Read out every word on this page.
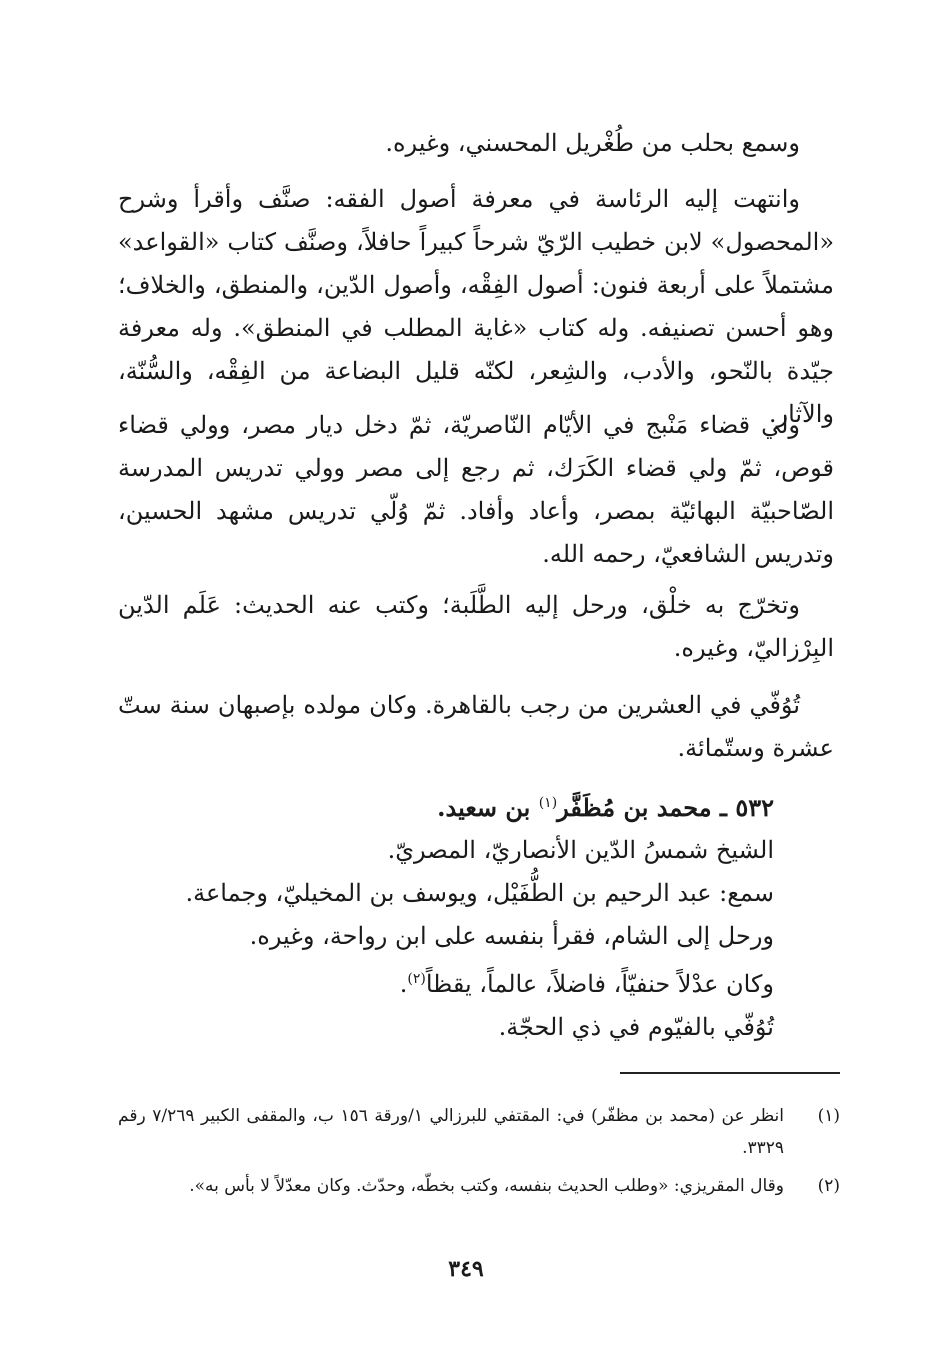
وسمع بحلب من طُغْريل المحسني، وغيره.

وانتهت إليه الرئاسة في معرفة أصول الفقه: صنَّف وأقرأ وشرح «المحصول» لابن خطيب الرّيّ شرحاً كبيراً حافلاً، وصنَّف كتاب «القواعد» مشتملاً على أربعة فنون: أصول الفِقْه، وأصول الدّين، والمنطق، والخلاف؛ وهو أحسن تصنيفه. وله كتاب «غاية المطلب في المنطق». وله معرفة جيّدة بالنّحو، والأدب، والشِعر، لكنّه قليل البضاعة من الفِقْه، والسُّنّة، والآثار.

ولي قضاء مَنْبج في الأيّام النّاصريّة، ثمّ دخل ديار مصر، وولي قضاء قوص، ثمّ ولي قضاء الكَرَك، ثم رجع إلى مصر وولي تدريس المدرسة الصّاحبيّة البهائيّة بمصر، وأعاد وأفاد. ثمّ وُلّي تدريس مشهد الحسين، وتدريس الشافعيّ، رحمه الله.

وتخرّج به خلْق، ورحل إليه الطَّلَبة؛ وكتب عنه الحديث: عَلَم الدّين البِرْزاليّ، وغيره.

تُوُفّي في العشرين من رجب بالقاهرة. وكان مولده بإصبهان سنة ستّ عشرة وستّمائة.

٥٣٢ ـ محمد بن مُظَفَّر$^{(١)}$ بن سعيد.

الشيخ شمسُ الدّين الأنصاريّ، المصريّ.

سمع: عبد الرحيم بن الطُّفَيْل، ويوسف بن المخيليّ، وجماعة.

ورحل إلى الشام، فقرأ بنفسه على ابن رواحة، وغيره.

وكان عدْلاً حنفيّاً، فاضلاً، عالماً، يقظاً$^{(٢)}$.

تُوُفّي بالفيّوم في ذي الحجّة.

(١)
انظر عن (محمد بن مظفّر) في: المقتفي للبرزالي ١/ورقة ١٥٦ ب، والمقفى الكبير ٧/٢٦٩ رقم ٣٣٢٩.
(٢)
وقال المقريزي: «وطلب الحديث بنفسه، وكتب بخطّه، وحدّث. وكان معدّلاً لا بأس به».
٣٤٩
